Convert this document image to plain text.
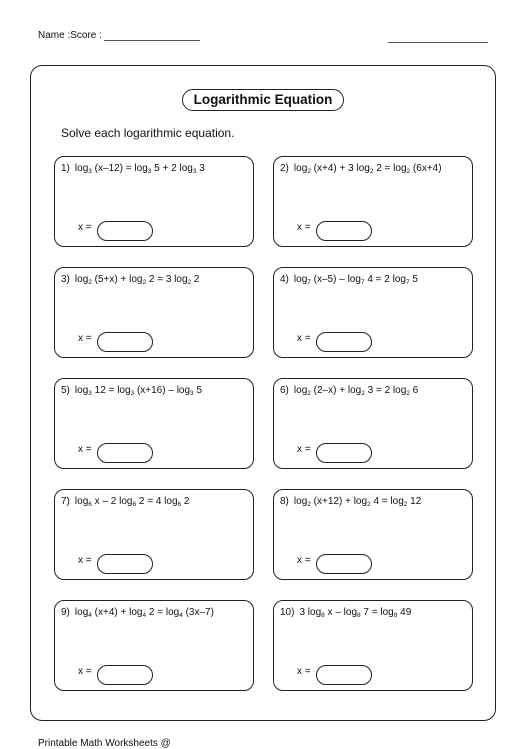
Name :Score :
Logarithmic Equation
Solve each logarithmic equation.
1) $\log_3 (x-12) = \log_3 5 + 2$ $\log_3 3$
x =
2) $\log_2 (x+4) + 3$ $\log_2 2 = \log_2 (6x+4)$
x =
3) $\log_2 (5+x) + \log_2 2 = 3$ $\log_2 2$
x =
4) $\log_7 (x-5) - \log_7 4 = 2$ $\log_7 5$
x =
5) $\log_3 12 = \log_3 (x+16) - \log_3 5$
x =
6) $\log_2 (2-x) + \log_2 3 = 2$ $\log_2 6$
x =
7) $\log_6 x - 2$ $\log_6 2 = 4$ $\log_6 2$
x =
8) $\log_2 (x+12) + \log_2 4 = \log_2 12$
x =
9) $\log_4 (x+4) + \log_4 2 = \log_4 (3x-7)$
x =
10) 3 $\log_8 x - \log_8 7 = \log_8 49$
x =
Printable Math Worksheets @
